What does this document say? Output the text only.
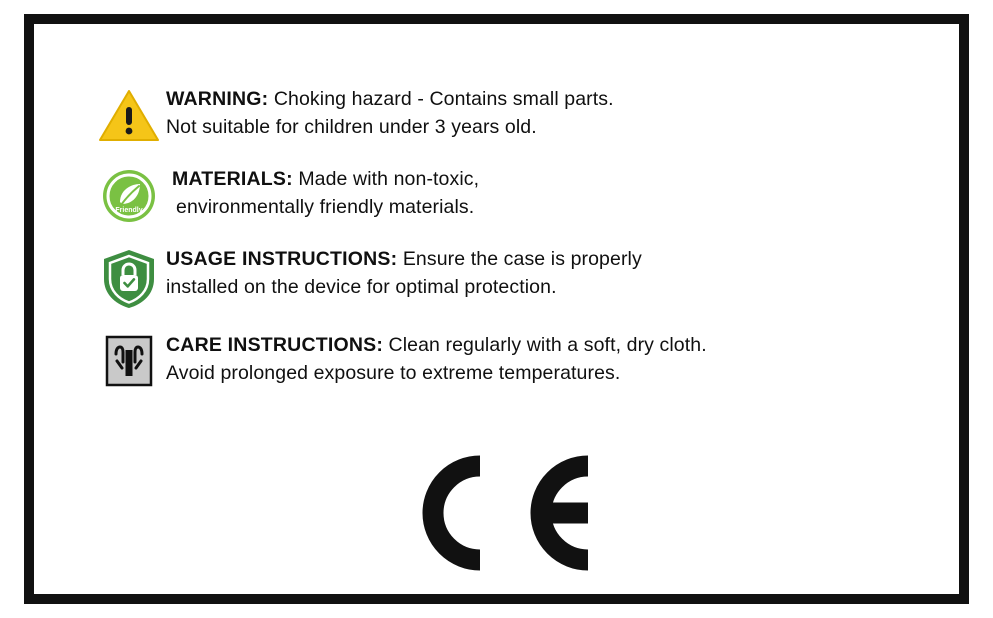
WARNING: Choking hazard - Contains small parts.
Not suitable for children under 3 years old.
Friendly
MATERIALS: Made with non-toxic,
environmentally friendly materials.
USAGE INSTRUCTIONS: Ensure the case is properly
installed on the device for optimal protection.
CARE INSTRUCTIONS: Clean regularly with a soft, dry cloth.
Avoid prolonged exposure to extreme temperatures.
